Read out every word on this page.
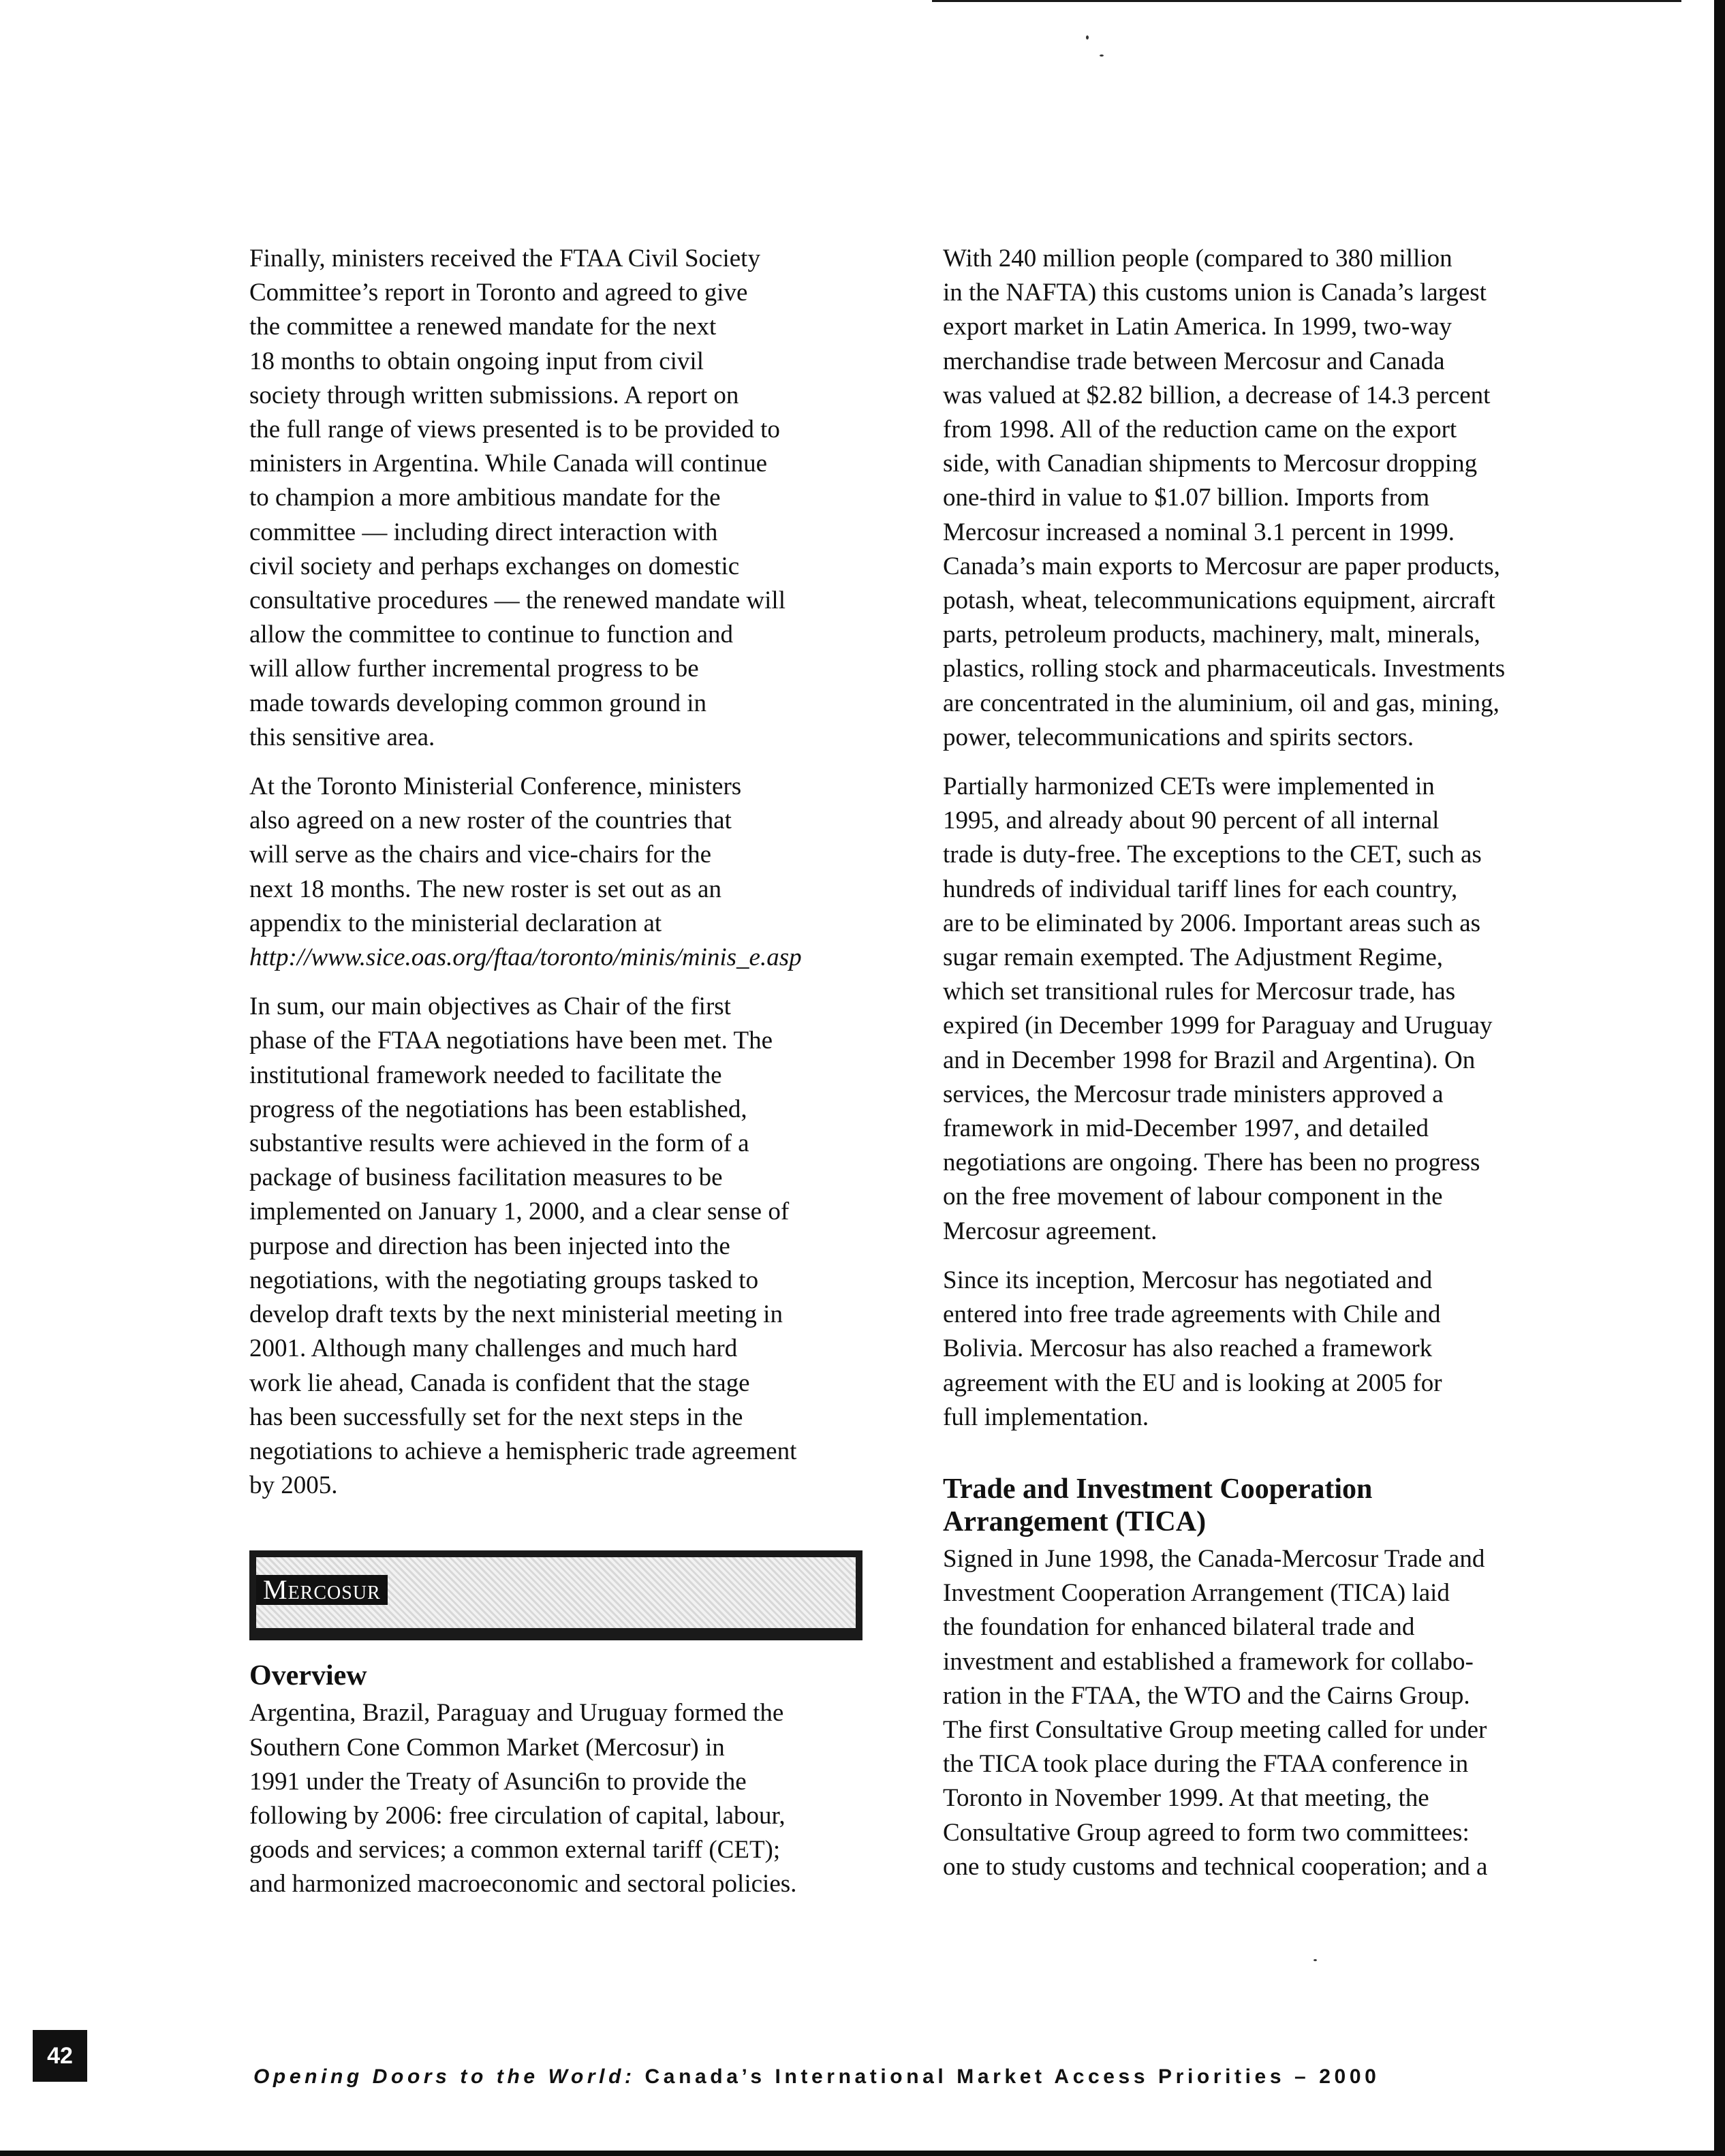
Finally, ministers received the FTAA Civil Society
Committee’s report in Toronto and agreed to give
the committee a renewed mandate for the next
18 months to obtain ongoing input from civil
society through written submissions. A report on
the full range of views presented is to be provided to
ministers in Argentina. While Canada will continue
to champion a more ambitious mandate for the
committee — including direct interaction with
civil society and perhaps exchanges on domestic
consultative procedures — the renewed mandate will
allow the committee to continue to function and
will allow further incremental progress to be
made towards developing common ground in
this sensitive area.

At the Toronto Ministerial Conference, ministers
also agreed on a new roster of the countries that
will serve as the chairs and vice-chairs for the
next 18 months. The new roster is set out as an
appendix to the ministerial declaration at

http://www.sice.oas.org/ftaa/toronto/minis/minis_e.asp

In sum, our main objectives as Chair of the first
phase of the FTAA negotiations have been met. The
institutional framework needed to facilitate the
progress of the negotiations has been established,
substantive results were achieved in the form of a
package of business facilitation measures to be
implemented on January 1, 2000, and a clear sense of
purpose and direction has been injected into the
negotiations, with the negotiating groups tasked to
develop draft texts by the next ministerial meeting in
2001. Although many challenges and much hard
work lie ahead, Canada is confident that the stage
has been successfully set for the next steps in the
negotiations to achieve a hemispheric trade agreement
by 2005.

Mercosur
Overview

Argentina, Brazil, Paraguay and Uruguay formed the
Southern Cone Common Market (Mercosur) in
1991 under the Treaty of Asunci6n to provide the
following by 2006: free circulation of capital, labour,
goods and services; a common external tariff (CET);
and harmonized macroeconomic and sectoral policies.

With 240 million people (compared to 380 million
in the NAFTA) this customs union is Canada’s largest
export market in Latin America. In 1999, two-way
merchandise trade between Mercosur and Canada
was valued at $2.82 billion, a decrease of 14.3 percent
from 1998. All of the reduction came on the export
side, with Canadian shipments to Mercosur dropping
one-third in value to $1.07 billion. Imports from
Mercosur increased a nominal 3.1 percent in 1999.
Canada’s main exports to Mercosur are paper products,
potash, wheat, telecommunications equipment, aircraft
parts, petroleum products, machinery, malt, minerals,
plastics, rolling stock and pharmaceuticals. Investments
are concentrated in the aluminium, oil and gas, mining,
power, telecommunications and spirits sectors.

Partially harmonized CETs were implemented in
1995, and already about 90 percent of all internal
trade is duty-free. The exceptions to the CET, such as
hundreds of individual tariff lines for each country,
are to be eliminated by 2006. Important areas such as
sugar remain exempted. The Adjustment Regime,
which set transitional rules for Mercosur trade, has
expired (in December 1999 for Paraguay and Uruguay
and in December 1998 for Brazil and Argentina). On
services, the Mercosur trade ministers approved a
framework in mid-December 1997, and detailed
negotiations are ongoing. There has been no progress
on the free movement of labour component in the
Mercosur agreement.

Since its inception, Mercosur has negotiated and
entered into free trade agreements with Chile and
Bolivia. Mercosur has also reached a framework
agreement with the EU and is looking at 2005 for
full implementation.

Trade and Investment Cooperation
Arrangement (TICA)

Signed in June 1998, the Canada-Mercosur Trade and
Investment Cooperation Arrangement (TICA) laid
the foundation for enhanced bilateral trade and
investment and established a framework for collabo-
ration in the FTAA, the WTO and the Cairns Group.
The first Consultative Group meeting called for under
the TICA took place during the FTAA conference in
Toronto in November 1999. At that meeting, the
Consultative Group agreed to form two committees:
one to study customs and technical cooperation; and a

42
Opening Doors to the World: Canada’s International Market Access Priorities – 2000
